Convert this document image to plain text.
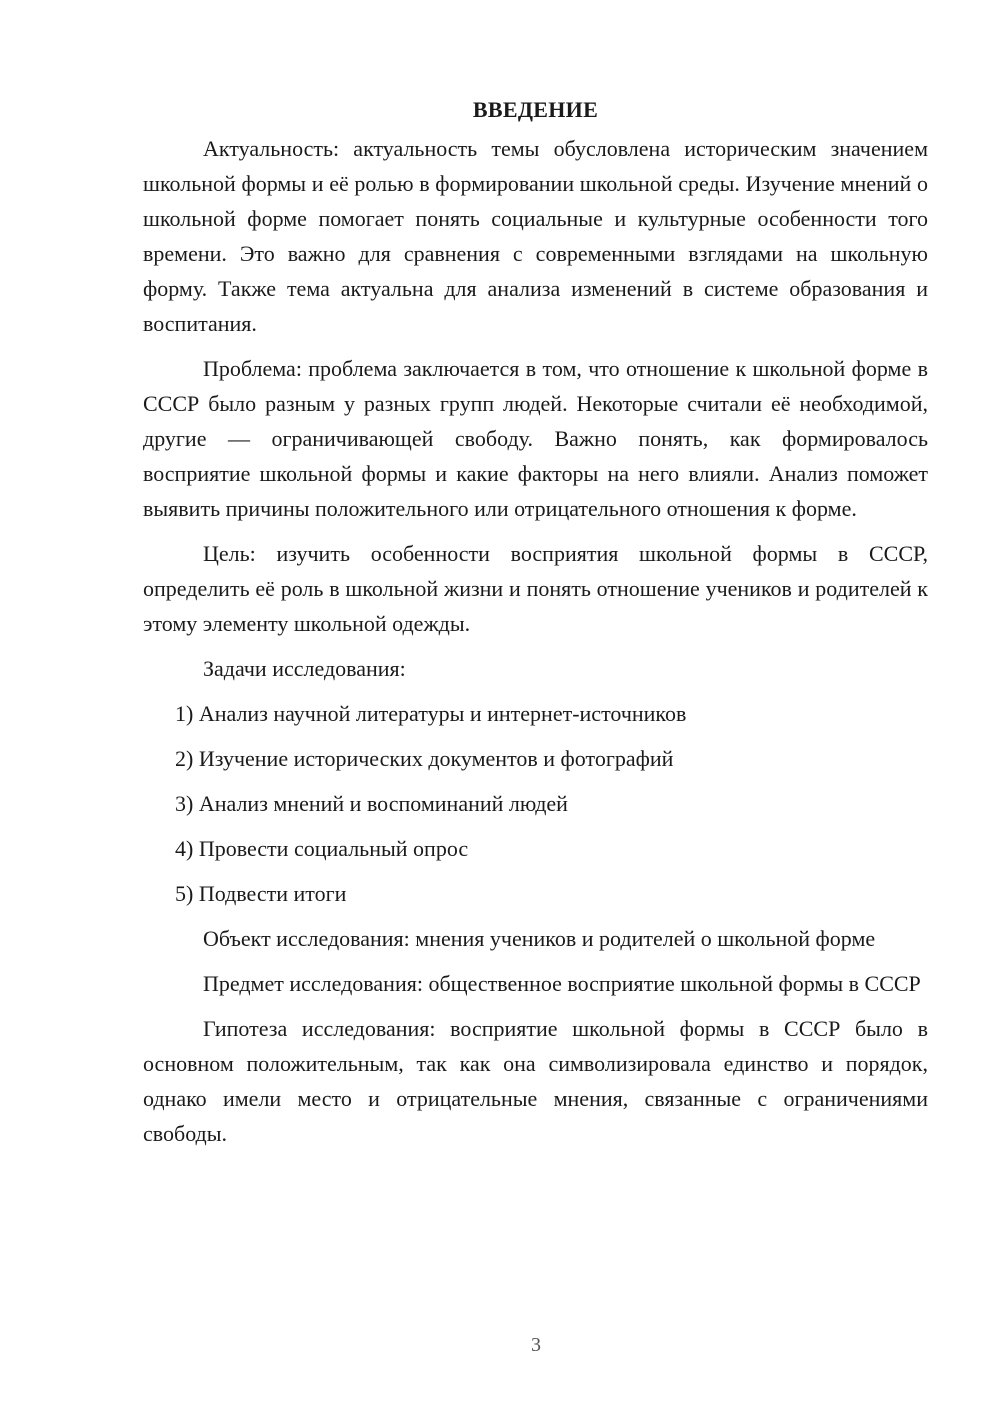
ВВЕДЕНИЕ

Актуальность: актуальность темы обусловлена историческим значением школьной формы и её ролью в формировании школьной среды. Изучение мнений о школьной форме помогает понять социальные и культурные особенности того времени. Это важно для сравнения с современными взглядами на школьную форму. Также тема актуальна для анализа изменений в системе образования и воспитания.

Проблема: проблема заключается в том, что отношение к школьной форме в СССР было разным у разных групп людей. Некоторые считали её необходимой, другие — ограничивающей свободу. Важно понять, как формировалось восприятие школьной формы и какие факторы на него влияли. Анализ поможет выявить причины положительного или отрицательного отношения к форме.

Цель: изучить особенности восприятия школьной формы в СССР, определить её роль в школьной жизни и понять отношение учеников и родителей к этому элементу школьной одежды.

Задачи исследования:

1) Анализ научной литературы и интернет-источников
2) Изучение исторических документов и фотографий
3) Анализ мнений и воспоминаний людей
4) Провести социальный опрос
5) Подвести итоги

Объект исследования: мнения учеников и родителей о школьной форме

Предмет исследования: общественное восприятие школьной формы в СССР

Гипотеза исследования: восприятие школьной формы в СССР было в основном положительным, так как она символизировала единство и порядок, однако имели место и отрицательные мнения, связанные с ограничениями свободы.

3
